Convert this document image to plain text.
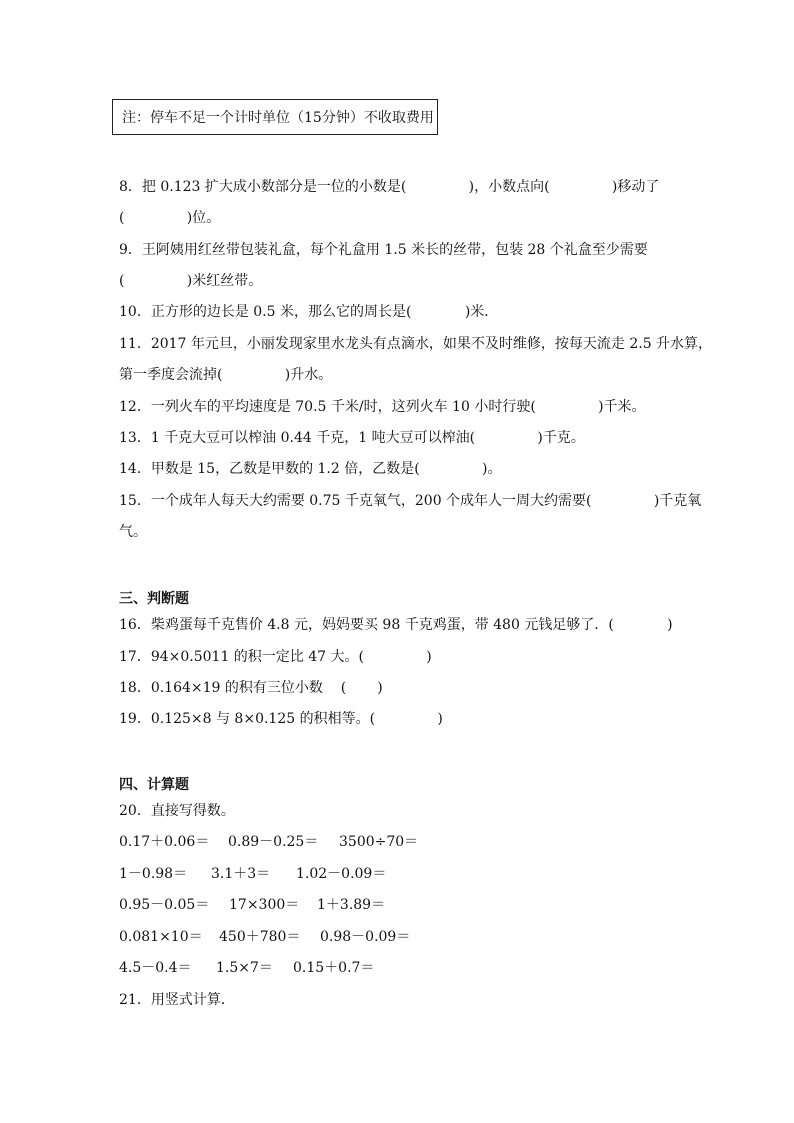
注：停车不足一个计时单位（15分钟）不收取费用
8．把 0.123 扩大成小数部分是一位的小数是(              )，小数点向(              )移动了
(              )位。
9．王阿姨用红丝带包装礼盒，每个礼盒用 1.5 米长的丝带，包装 28 个礼盒至少需要
(              )米红丝带。
10．正方形的边长是 0.5 米，那么它的周长是(            )米．
11．2017 年元旦，小丽发现家里水龙头有点滴水，如果不及时维修，按每天流走 2.5 升水算，
第一季度会流掉(              )升水。
12．一列火车的平均速度是 70.5 千米/时，这列火车 10 小时行驶(              )千米。
13．1 千克大豆可以榨油 0.44 千克，1 吨大豆可以榨油(              )千克。
14．甲数是 15，乙数是甲数的 1.2 倍，乙数是(              )。
15．一个成年人每天大约需要 0.75 千克氧气，200 个成年人一周大约需要(              )千克氧
气。
三、判断题
16．柴鸡蛋每千克售价 4.8 元，妈妈要买 98 千克鸡蛋，带 480 元钱足够了．(            )
17．94×0.5011 的积一定比 47 大。(              )
18．0.164×19 的积有三位小数    (       )
19．0.125×8 与 8×0.125 的积相等。(              )
四、计算题
20．直接写得数。
0.17＋0.06＝ 0.89－0.25＝ 3500÷70＝
1－0.98＝ 3.1＋3＝ 1.02－0.09＝
0.95－0.05＝ 17×300＝ 1＋3.89＝
0.081×10＝ 450＋780＝ 0.98－0.09＝
4.5－0.4＝ 1.5×7＝ 0.15＋0.7＝
21．用竖式计算．
